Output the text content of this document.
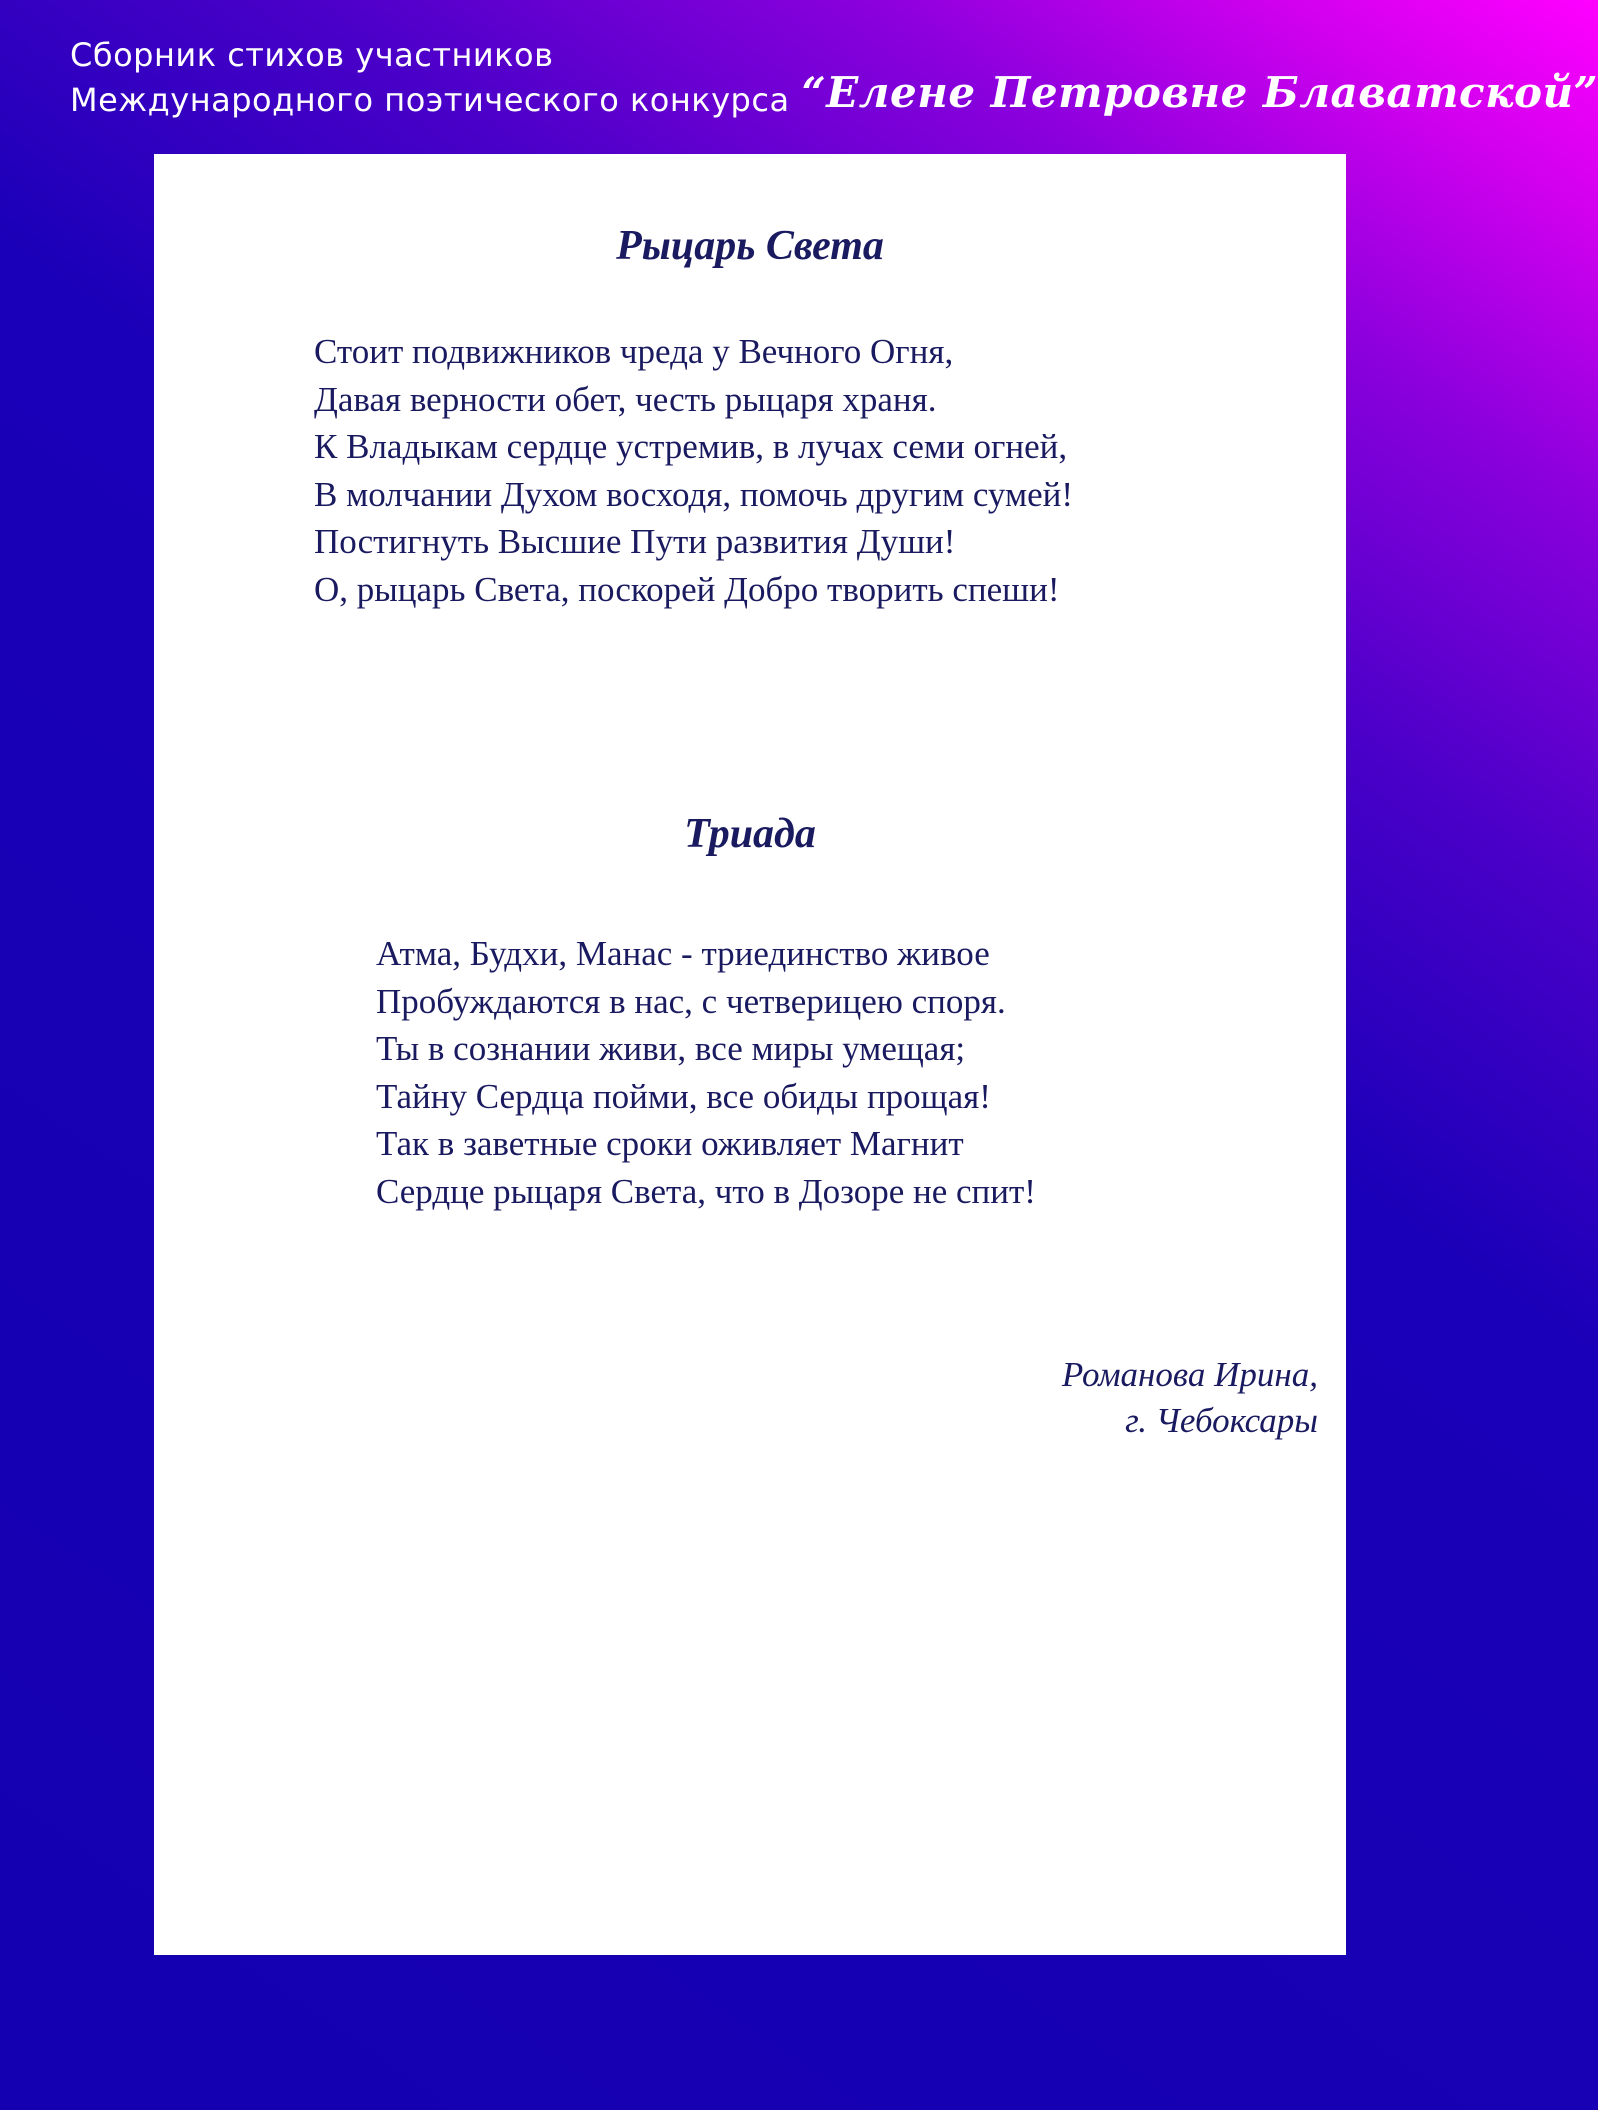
Сборник стихов участников
Международного поэтического конкурса “Елене Петровне Блаватской”
Рыцарь Света
Стоит подвижников чреда у Вечного Огня,
Давая верности обет, честь рыцаря храня.
К Владыкам сердце устремив, в лучах семи огней,
В молчании Духом восходя, помочь другим сумей!
Постигнуть Высшие Пути развития Души!
О, рыцарь Света, поскорей Добро творить спеши!
Триада
Атма, Будхи, Манас - триединство живое
Пробуждаются в нас, с четверицею споря.
Ты в сознании живи, все миры умещая;
Тайну Сердца пойми, все обиды прощая!
Так в заветные сроки оживляет Магнит
Сердце рыцаря Света, что в Дозоре не спит!
Романова Ирина,
г. Чебоксары
